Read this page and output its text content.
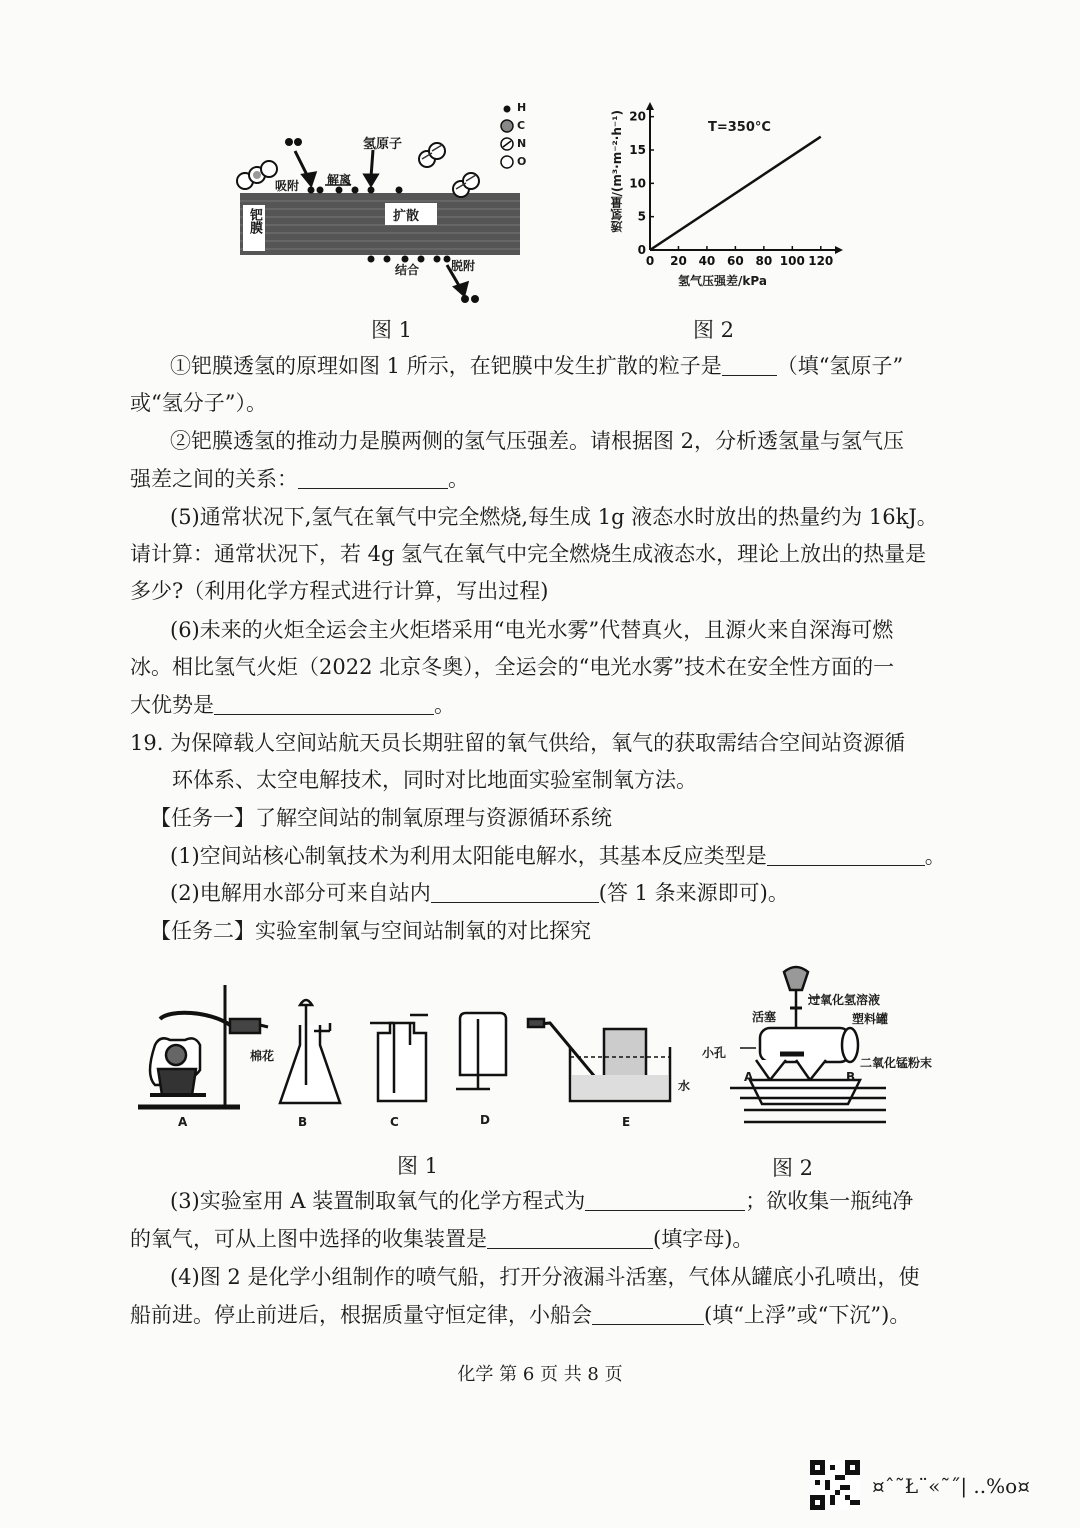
钯膜
吸附 解离
氢原子
扩散
结合	脱附
H
C
N
O
图 1
0 20 40 60 80 100 120
0
5
10
15
20
透氢量/(m³·m⁻²·h⁻¹)
氢气压强差/kPa
T=350°C
图 2
①钯膜透氢的原理如图 1 所示，在钯膜中发生扩散的粒子是	（填“氢原子”
或“氢分子”）。
②钯膜透氢的推动力是膜两侧的氢气压强差。请根据图 2，分析透氢量与氢气压
强差之间的关系：	。
(5)通常状况下,氢气在氧气中完全燃烧,每生成 1g 液态水时放出的热量约为 16kJ。
请计算：通常状况下，若 4g 氢气在氧气中完全燃烧生成液态水，理论上放出的热量是
多少?（利用化学方程式进行计算，写出过程)
(6)未来的火炬全运会主火炬塔采用“电光水雾”代替真火，且源火来自深海可燃
冰。相比氢气火炬（2022 北京冬奥），全运会的“电光水雾”技术在安全性方面的一
大优势是	。
19. 为保障载人空间站航天员长期驻留的氧气供给，氧气的获取需结合空间站资源循
环体系、太空电解技术，同时对比地面实验室制氧方法。
【任务一】了解空间站的制氧原理与资源循环系统
(1)空间站核心制氧技术为利用太阳能电解水，其基本反应类型是	。
(2)电解用水部分可来自站内	(答 1 条来源即可)。
【任务二】实验室制氧与空间站制氧的对比探究
棉花
水
A	B	C	D	E
图 1
过氧化氢溶液
活塞	塑料罐
小孔
二氧化锰粉末
A	B
图 2
(3)实验室用 A 装置制取氧气的化学方程式为	；欲收集一瓶纯净
的氧气，可从上图中选择的收集装置是	(填字母)。
(4)图 2 是化学小组制作的喷气船，打开分液漏斗活塞，气体从罐底小孔喷出，使
船前进。停止前进后，根据质量守恒定律，小船会	(填“上浮”或“下沉”)。
化学 第 6 页 共 8 页
¤ˆ˜Ł¨«˜˝| ..%o¤
